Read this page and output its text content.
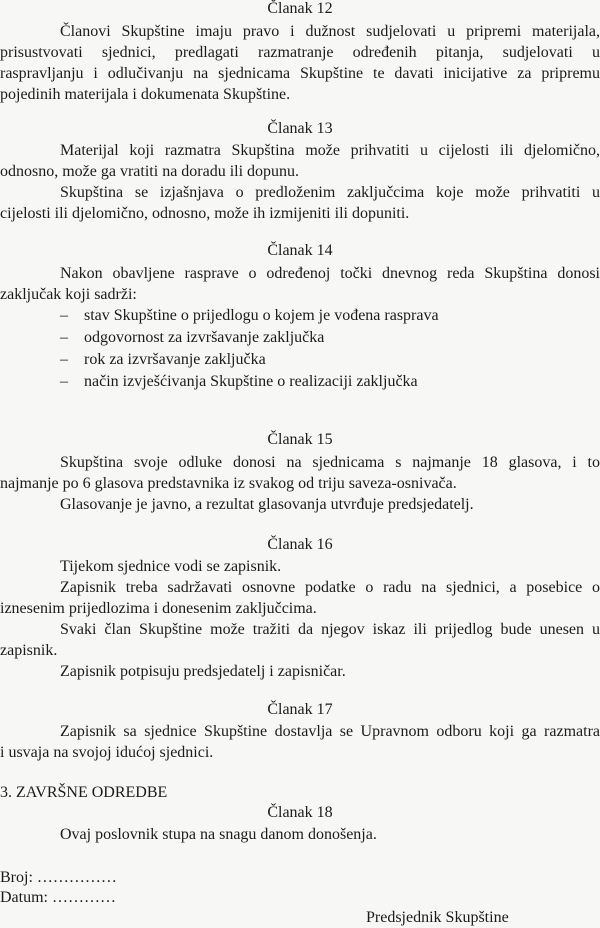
Članak 12
Članovi Skupštine imaju pravo i dužnost sudjelovati u pripremi materijala,
prisustvovati sjednici, predlagati razmatranje određenih pitanja, sudjelovati u
raspravljanju i odlučivanju na sjednicama Skupštine te davati inicijative za pripremu
pojedinih materijala i dokumenata Skupštine.
Članak 13
Materijal koji razmatra Skupština može prihvatiti u cijelosti ili djelomično,
odnosno, može ga vratiti na doradu ili dopunu.
Skupština se izjašnjava o predloženim zaključcima koje može prihvatiti u
cijelosti ili djelomično, odnosno, može ih izmijeniti ili dopuniti.
Članak 14
Nakon obavljene rasprave o određenoj točki dnevnog reda Skupština donosi
zaključak koji sadrži:
– stav Skupštine o prijedlogu o kojem je vođena rasprava
– odgovornost za izvršavanje zaključka
– rok za izvršavanje zaključka
– način izvješćivanja Skupštine o realizaciji zaključka
Članak 15
Skupština svoje odluke donosi na sjednicama s najmanje 18 glasova, i to
najmanje po 6 glasova predstavnika iz svakog od triju saveza-osnivača.
Glasovanje je javno, a rezultat glasovanja utvrđuje predsjedatelj.
Članak 16
Tijekom sjednice vodi se zapisnik.
Zapisnik treba sadržavati osnovne podatke o radu na sjednici, a posebice o
iznesenim prijedlozima i donesenim zaključcima.
Svaki član Skupštine može tražiti da njegov iskaz ili prijedlog bude unesen u
zapisnik.
Zapisnik potpisuju predsjedatelj i zapisničar.
Članak 17
Zapisnik sa sjednice Skupštine dostavlja se Upravnom odboru koji ga razmatra
i usvaja na svojoj idućoj sjednici.
3. ZAVRŠNE ODREDBE
Članak 18
Ovaj poslovnik stupa na snagu danom donošenja.
Broj: ……………
Datum: …………
Predsjednik Skupštine
